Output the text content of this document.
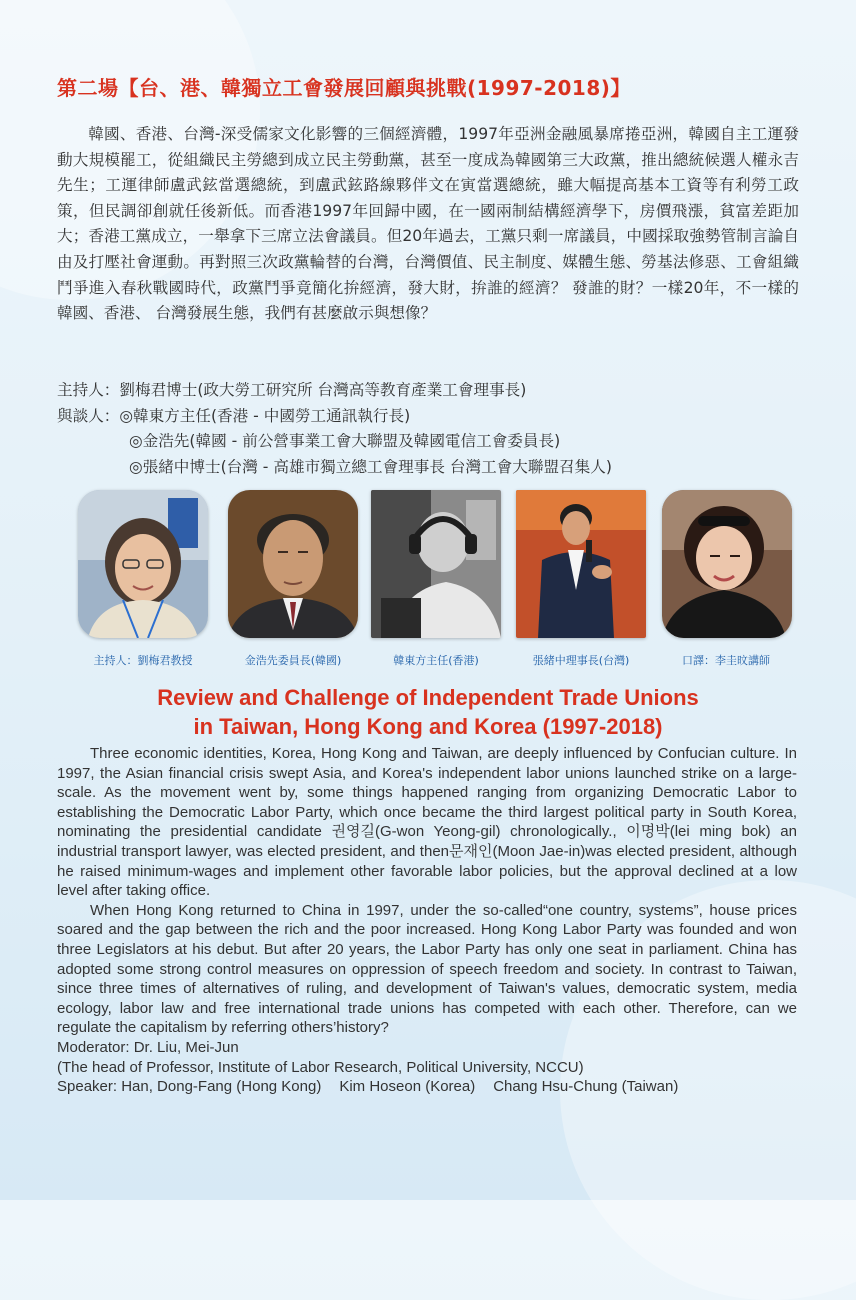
第二場【台、港、韓獨立工會發展回顧與挑戰(1997-2018)】

韓國、香港、台灣-深受儒家文化影響的三個經濟體，1997年亞洲金融風暴席捲亞洲，韓國自主工運發動大規模罷工，從組織民主勞總到成立民主勞動黨，甚至一度成為韓國第三大政黨，推出總統候選人權永吉先生；工運律師盧武鉉當選總統，到盧武鉉路線夥伴文在寅當選總統，雖大幅提高基本工資等有利勞工政策，但民調卻創就任後新低。而香港1997年回歸中國，在一國兩制結構經濟學下，房價飛漲，貧富差距加大；香港工黨成立，一舉拿下三席立法會議員。但20年過去，工黨只剩一席議員，中國採取強勢管制言論自由及打壓社會運動。再對照三次政黨輪替的台灣，台灣價值、民主制度、媒體生態、勞基法修惡、工會組織鬥爭進入春秋戰國時代，政黨鬥爭竟簡化拚經濟，發大財，拚誰的經濟？ 發誰的財？一樣20年，不一樣的韓國、香港、 台灣發展生態，我們有甚麼啟示與想像？

主持人：劉梅君博士(政大勞工研究所 台灣高等教育產業工會理事長)
與談人：◎韓東方主任(香港 - 中國勞工通訊執行長)
◎金浩先(韓國 - 前公營事業工會大聯盟及韓國電信工會委員長)
◎張緒中博士(台灣 - 高雄市獨立總工會理事長 台灣工會大聯盟召集人)
主持人：劉梅君教授	金浩先委員長(韓國)	韓東方主任(香港)	張緒中理事長(台灣)	口譯：李圭旼講師
Review and Challenge of Independent Trade Unions
in Taiwan, Hong Kong and Korea (1997-2018)

Three economic identities, Korea, Hong Kong and Taiwan, are deeply influenced by Confucian culture. In 1997, the Asian financial crisis swept Asia, and Korea's independent labor unions launched strike on a large-scale. As the movement went by, some things happened ranging from organizing Democratic Labor to establishing the Democratic Labor Party, which once became the third largest political party in South Korea, nominating the presidential candidate 권영길(G-won Yeong-gil) chronologically., 이명박(lei ming bok) an industrial transport lawyer, was elected president, and then문재인(Moon Jae-in)was elected president, although he raised minimum-wages and implement other favorable labor policies, but the approval declined at a low level after taking office.

When Hong Kong returned to China in 1997, under the so-called“one country, systems”, house prices soared and the gap between the rich and the poor increased. Hong Kong Labor Party was founded and won three Legislators at his debut. But after 20 years, the Labor Party has only one seat in parliament. China has adopted some strong control measures on oppression of speech freedom and society. In contrast to Taiwan, since three times of alternatives of ruling, and development of Taiwan's values, democratic system, media ecology, labor law and free international trade unions has competed with each other. Therefore, can we regulate the capitalism by referring others’history?

Moderator: Dr. Liu, Mei-Jun
(The head of Professor, Institute of Labor Research, Political University, NCCU)
Speaker: Han, Dong-Fang (Hong Kong) Kim Hoseon (Korea) Chang Hsu-Chung (Taiwan)
